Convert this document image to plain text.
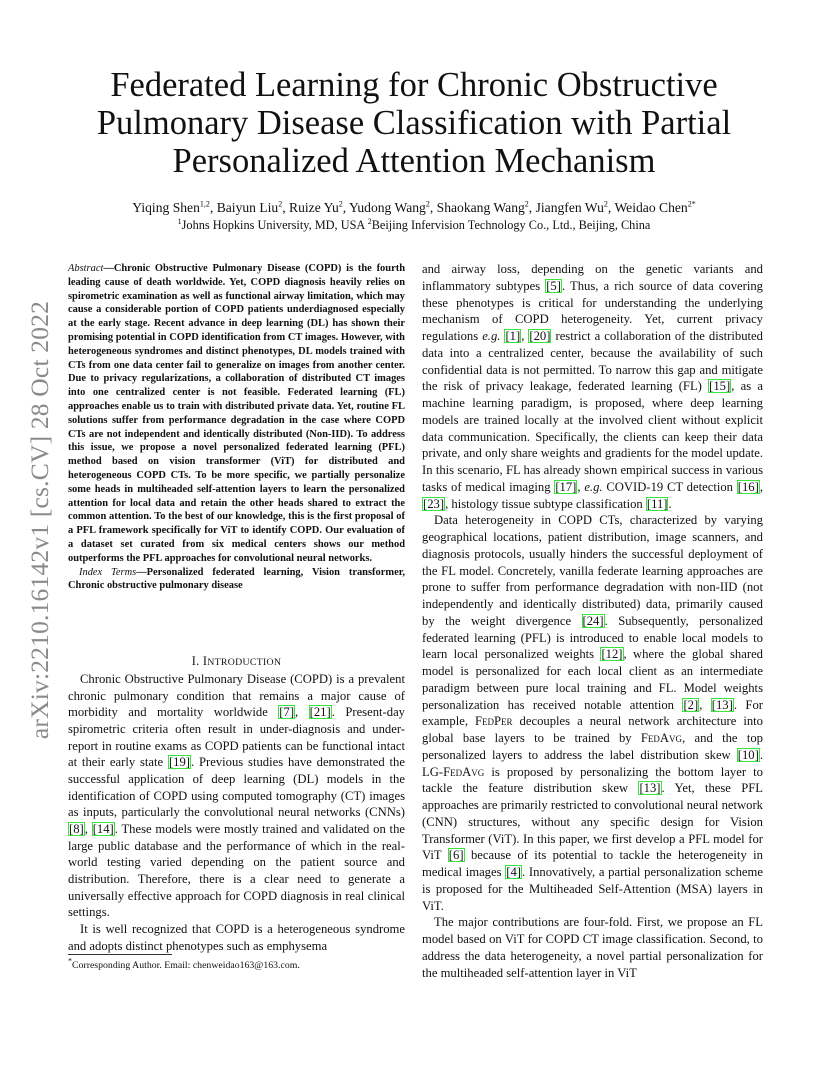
arXiv:2210.16142v1 [cs.CV] 28 Oct 2022
Federated Learning for Chronic Obstructive
Pulmonary Disease Classification with Partial
Personalized Attention Mechanism
Yiqing Shen$^{1,2}$, Baiyun Liu$^2$, Ruize Yu$^2$, Yudong Wang$^2$, Shaokang Wang$^2$, Jiangfen Wu$^2$, Weidao Chen$^{2*}$
$^1$Johns Hopkins University, MD, USA $^2$Beijing Infervision Technology Co., Ltd., Beijing, China

Abstract—Chronic Obstructive Pulmonary Disease (COPD) is the fourth leading cause of death worldwide. Yet, COPD diagnosis heavily relies on spirometric examination as well as functional airway limitation, which may cause a considerable portion of COPD patients underdiagnosed especially at the early stage. Recent advance in deep learning (DL) has shown their promising potential in COPD identification from CT images. However, with heterogeneous syndromes and distinct phenotypes, DL models trained with CTs from one data center fail to generalize on images from another center. Due to privacy regularizations, a collaboration of distributed CT images into one centralized center is not feasible. Federated learning (FL) approaches enable us to train with distributed private data. Yet, routine FL solutions suffer from performance degradation in the case where COPD CTs are not independent and identically distributed (Non-IID). To address this issue, we propose a novel personalized federated learning (PFL) method based on vision transformer (ViT) for distributed and heterogeneous COPD CTs. To be more specific, we partially personalize some heads in multiheaded self-attention layers to learn the personalized attention for local data and retain the other heads shared to extract the common attention. To the best of our knowledge, this is the first proposal of a PFL framework specifically for ViT to identify COPD. Our evaluation of a dataset set curated from six medical centers shows our method outperforms the PFL approaches for convolutional neural networks.

Index Terms—Personalized federated learning, Vision transformer, Chronic obstructive pulmonary disease

I. INTRODUCTION

Chronic Obstructive Pulmonary Disease (COPD) is a prevalent chronic pulmonary condition that remains a major cause of morbidity and mortality worldwide [7], [21]. Present-day spirometric criteria often result in under-diagnosis and under-report in routine exams as COPD patients can be functional intact at their early state [19]. Previous studies have demonstrated the successful application of deep learning (DL) models in the identification of COPD using computed tomography (CT) images as inputs, particularly the convolutional neural networks (CNNs) [8], [14]. These models were mostly trained and validated on the large public database and the performance of which in the real-world testing varied depending on the patient source and distribution. Therefore, there is a clear need to generate a universally effective approach for COPD diagnosis in real clinical settings.

It is well recognized that COPD is a heterogeneous syndrome and adopts distinct phenotypes such as emphysema

and airway loss, depending on the genetic variants and inflammatory subtypes [5]. Thus, a rich source of data covering these phenotypes is critical for understanding the underlying mechanism of COPD heterogeneity. Yet, current privacy regulations e.g. [1], [20] restrict a collaboration of the distributed data into a centralized center, because the availability of such confidential data is not permitted. To narrow this gap and mitigate the risk of privacy leakage, federated learning (FL) [15], as a machine learning paradigm, is proposed, where deep learning models are trained locally at the involved client without explicit data communication. Specifically, the clients can keep their data private, and only share weights and gradients for the model update. In this scenario, FL has already shown empirical success in various tasks of medical imaging [17], e.g. COVID-19 CT detection [16], [23], histology tissue subtype classification [11].

Data heterogeneity in COPD CTs, characterized by varying geographical locations, patient distribution, image scanners, and diagnosis protocols, usually hinders the successful deployment of the FL model. Concretely, vanilla federate learning approaches are prone to suffer from performance degradation with non-IID (not independently and identically distributed) data, primarily caused by the weight divergence [24]. Subsequently, personalized federated learning (PFL) is introduced to enable local models to learn local personalized weights [12], where the global shared model is personalized for each local client as an intermediate paradigm between pure local training and FL. Model weights personalization has received notable attention [2], [13]. For example, FedPer decouples a neural network architecture into global base layers to be trained by FedAvg, and the top personalized layers to address the label distribution skew [10]. LG-FedAvg is proposed by personalizing the bottom layer to tackle the feature distribution skew [13]. Yet, these PFL approaches are primarily restricted to convolutional neural network (CNN) structures, without any specific design for Vision Transformer (ViT). In this paper, we first develop a PFL model for ViT [6] because of its potential to tackle the heterogeneity in medical images [4]. Innovatively, a partial personalization scheme is proposed for the Multiheaded Self-Attention (MSA) layers in ViT.

The major contributions are four-fold. First, we propose an FL model based on ViT for COPD CT image classification. Second, to address the data heterogeneity, a novel partial personalization for the multiheaded self-attention layer in ViT

*Corresponding Author. Email: chenweidao163@163.com.
